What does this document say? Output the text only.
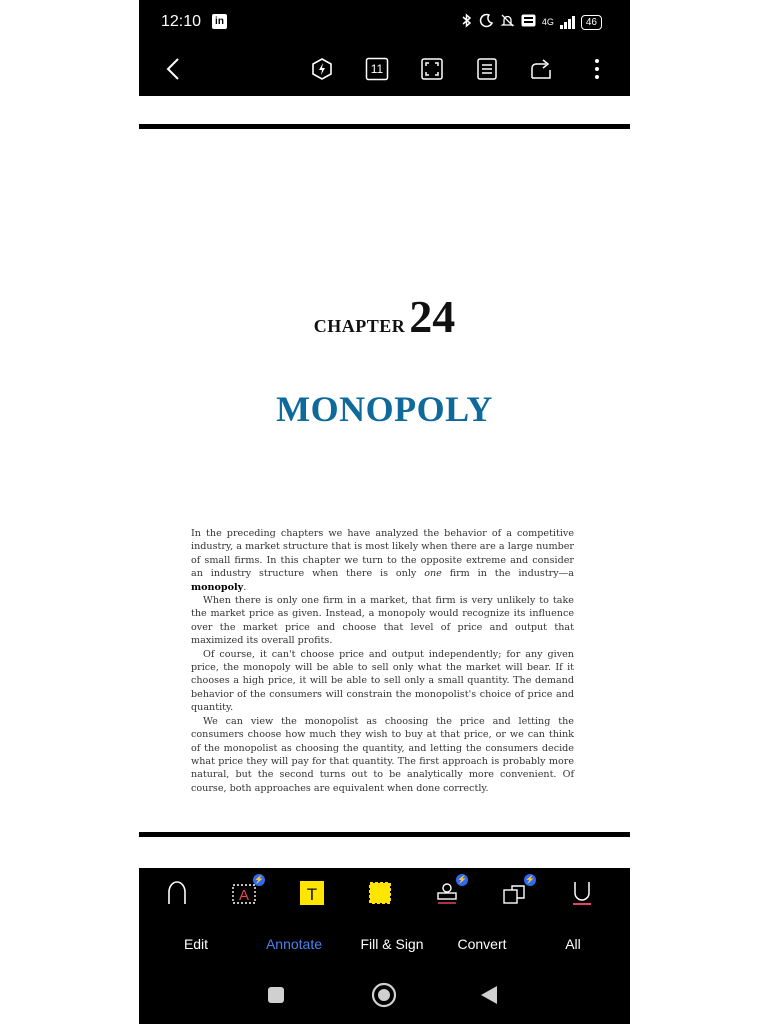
12:10	in	4G	46
11
CHAPTER24
MONOPOLY

In the preceding chapters we have analyzed the behavior of a competitive industry, a market structure that is most likely when there are a large number of small firms. In this chapter we turn to the opposite extreme and consider an industry structure when there is only one firm in the industry—a monopoly.

When there is only one firm in a market, that firm is very unlikely to take the market price as given. Instead, a monopoly would recognize its influence over the market price and choose that level of price and output that maximized its overall profits.

Of course, it can't choose price and output independently; for any given price, the monopoly will be able to sell only what the market will bear. If it chooses a high price, it will be able to sell only a small quantity. The demand behavior of the consumers will constrain the monopolist's choice of price and quantity.

We can view the monopolist as choosing the price and letting the consumers choose how much they wish to buy at that price, or we can think of the monopolist as choosing the quantity, and letting the consumers decide what price they will pay for that quantity. The first approach is probably more natural, but the second turns out to be analytically more convenient. Of course, both approaches are equivalent when done correctly.

A
⚡
T
⚡	⚡	U
Edit	Annotate	Fill & Sign Convert	All
